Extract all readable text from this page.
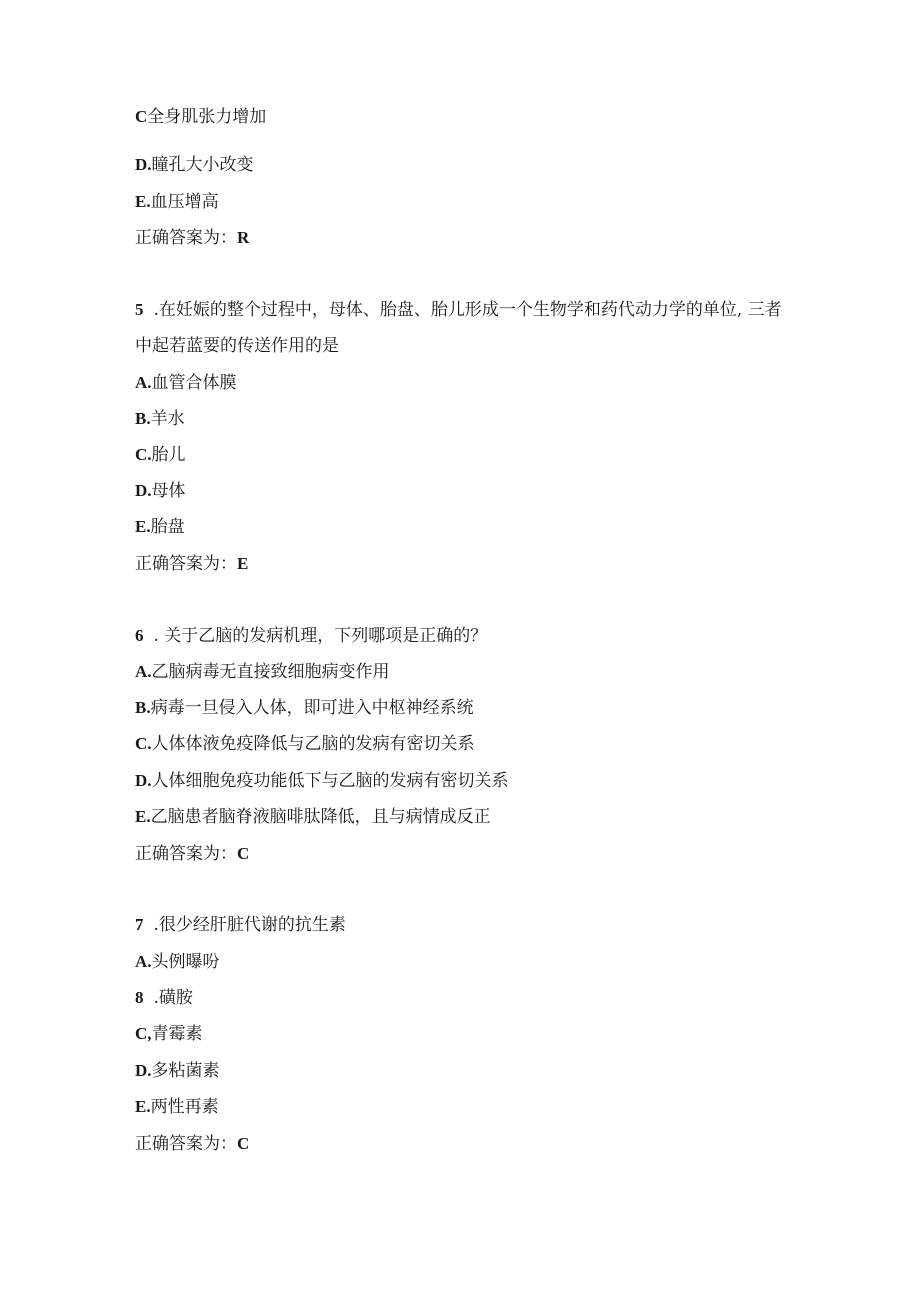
C全身肌张力增加
D.瞳孔大小改变
E.血压增高
正确答案为：R
5 .在妊娠的整个过程中，母体、胎盘、胎儿形成一个生物学和药代动力学的单位, 三者中起若蓝要的传送作用的是
A.血管合体膜
B.羊水
C.胎儿
D.母体
E.胎盘
正确答案为：E
6 . 关于乙脑的发病机理，下列哪项是正确的？
A.乙脑病毒无直接致细胞病变作用
B.病毒一旦侵入人体，即可进入中枢神经系统
C.人体体液免疫降低与乙脑的发病有密切关系
D.人体细胞免疫功能低下与乙脑的发病有密切关系
E.乙脑患者脑脊液脑啡肽降低，且与病情成反正
正确答案为：C
7 .很少经肝脏代谢的抗生素
A.头例曝吩
8 .磺胺
C,青霉素
D.多粘菌素
E.两性再素
正确答案为：C
